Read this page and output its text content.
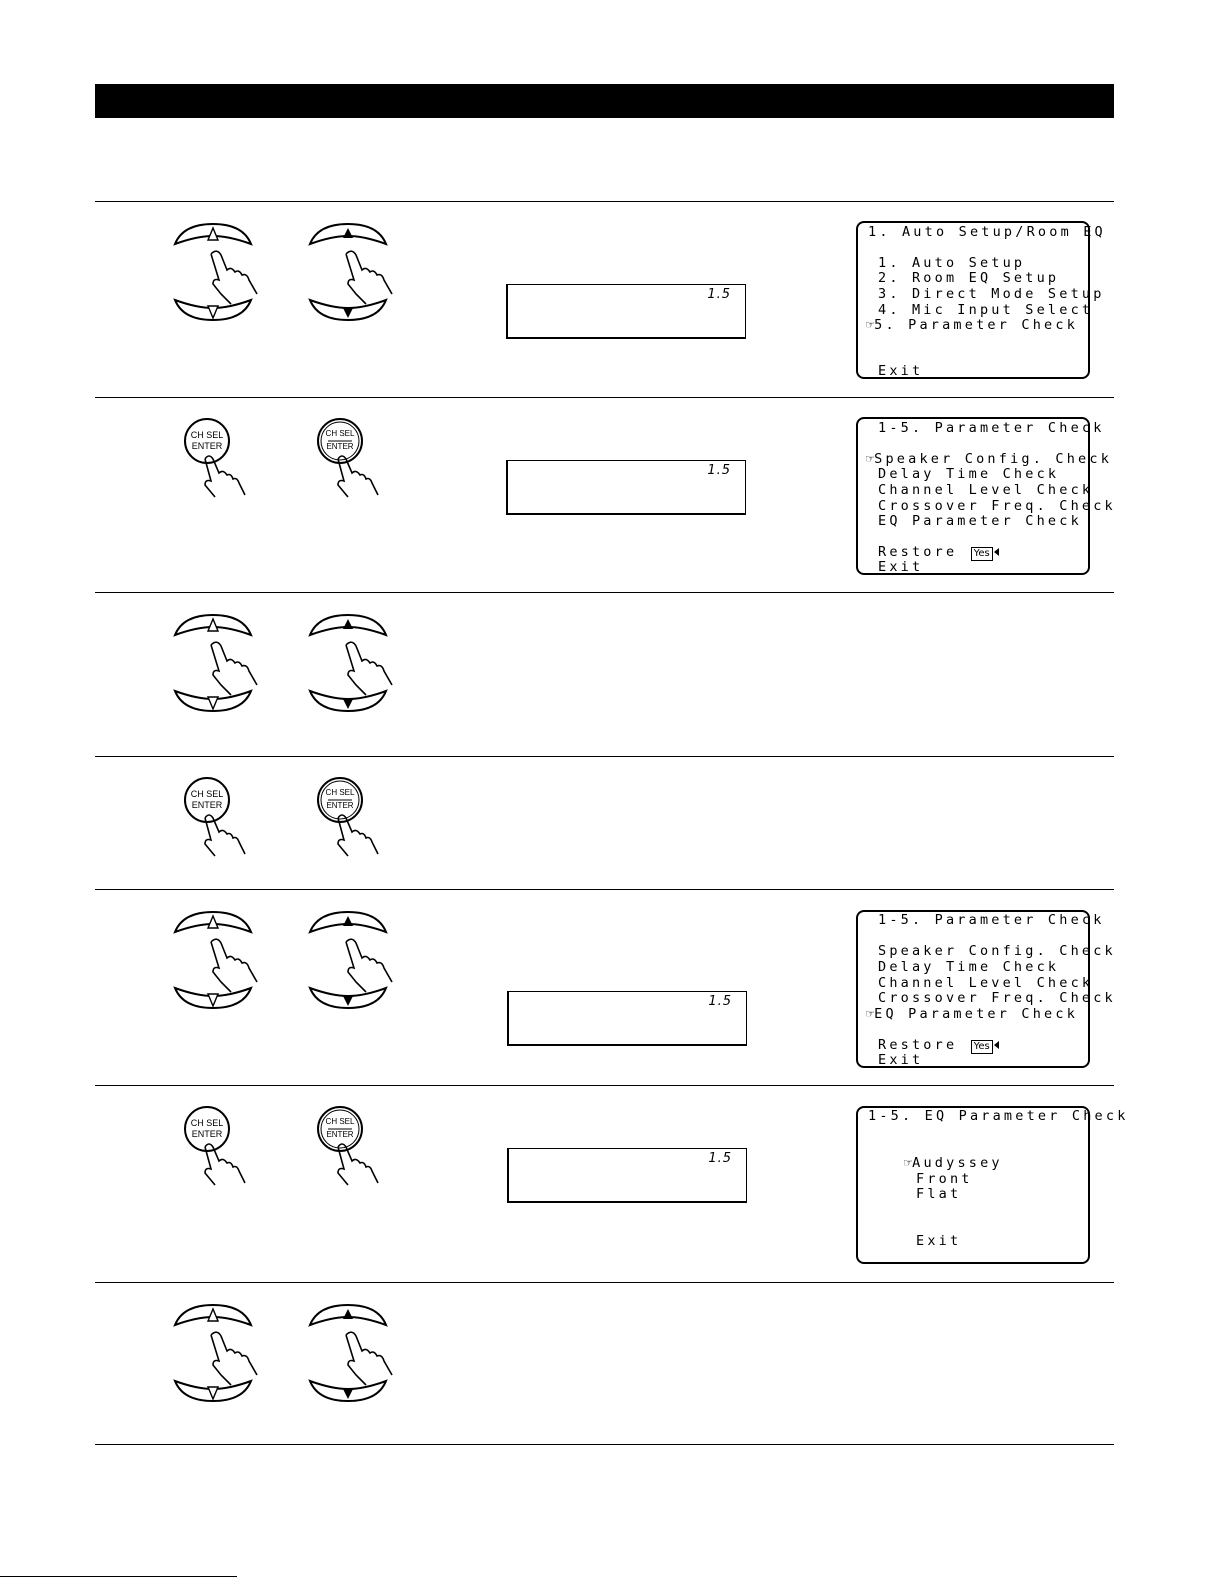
1.5
1. Auto Setup/Room EQ
1. Auto Setup
2. Room EQ Setup
3. Direct Mode Setup
4. Mic Input Select
☞5. Parameter Check
Exit
CH SEL
ENTER
CH SEL
ENTER
1.5
1-5. Parameter Check
☞Speaker Config. Check
Delay Time Check
Channel Level Check
Crossover Freq. Check
EQ Parameter Check
Restore Yes
Exit
CH SEL
ENTER
CH SEL
ENTER
1.5
1-5. Parameter Check
Speaker Config. Check
Delay Time Check
Channel Level Check
Crossover Freq. Check
☞EQ Parameter Check
Restore Yes
Exit
CH SEL
ENTER
CH SEL
ENTER
1.5
1-5. EQ Parameter Check
☞Audyssey
Front
Flat
Exit
